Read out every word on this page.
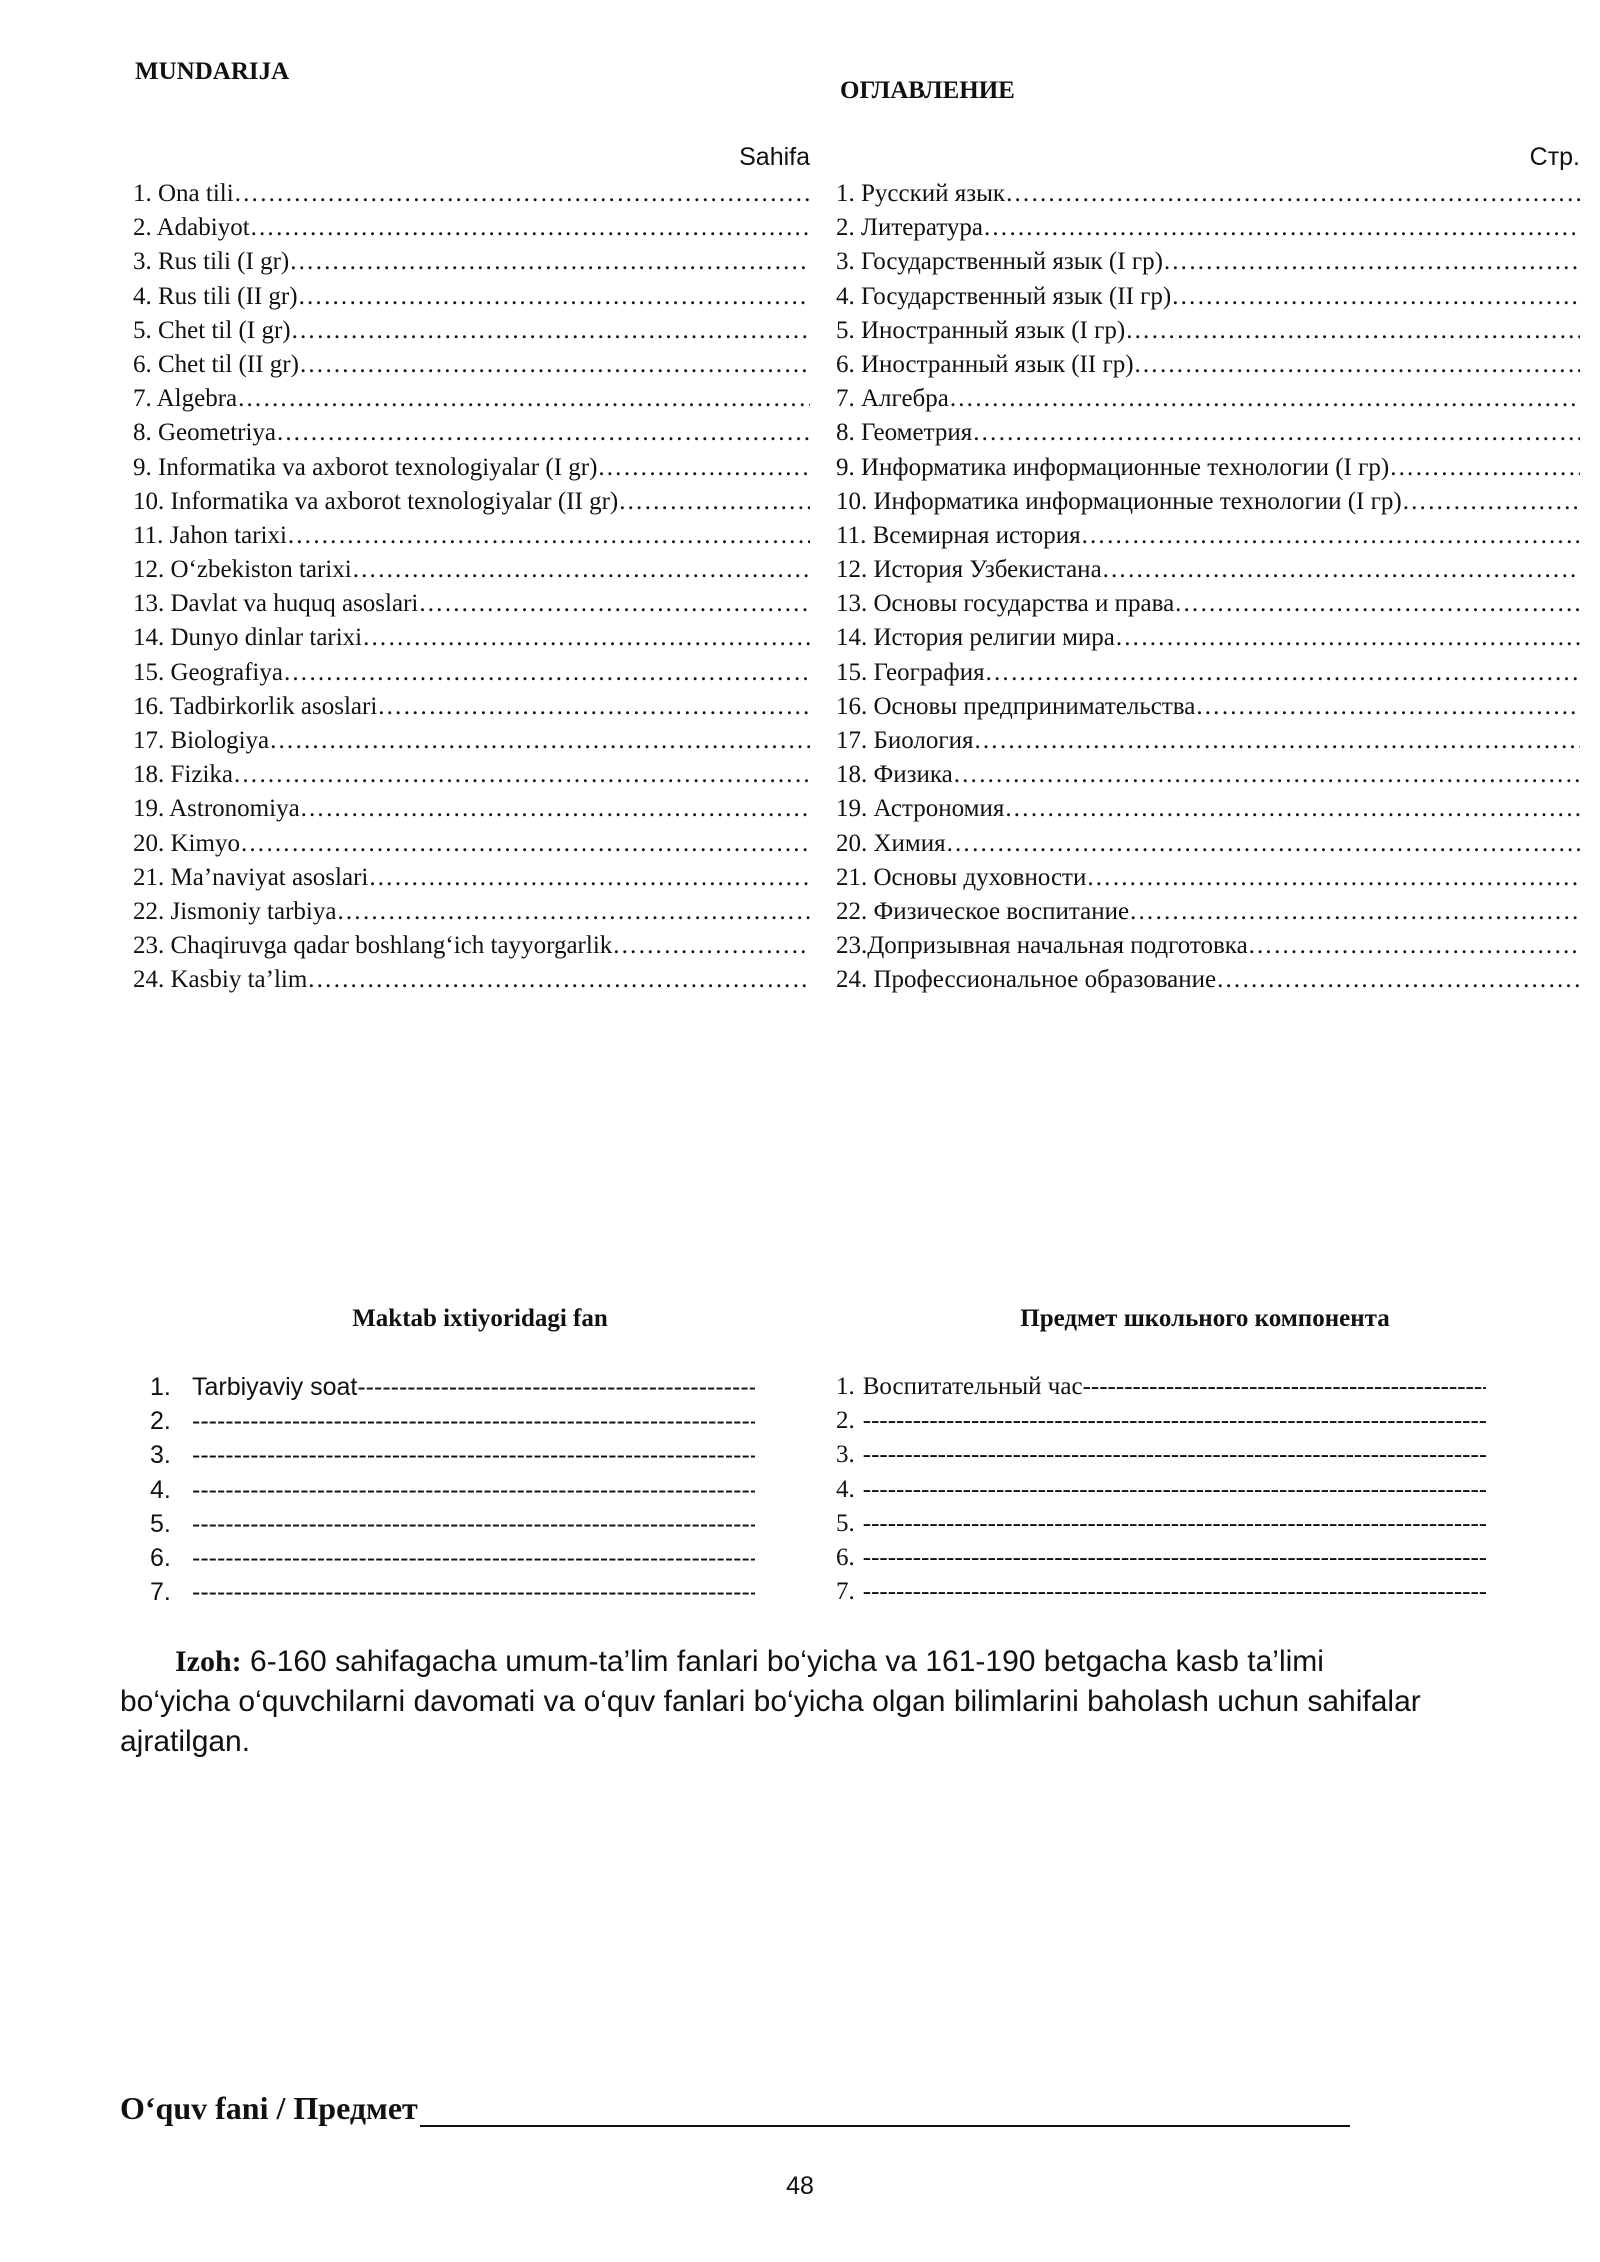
MUNDARIJA
ОГЛАВЛЕНИЕ
Sahifa
1. Ona tili
…………………………………………………………………………………………………………………………………………………………
2. Adabiyot
…………………………………………………………………………………………………………………………………………………………
3. Rus tili (I gr)
…………………………………………………………………………………………………………………………………………………………
4. Rus tili (II gr)
…………………………………………………………………………………………………………………………………………………………
5. Chet til (I gr)
…………………………………………………………………………………………………………………………………………………………
6. Chet til (II gr)
…………………………………………………………………………………………………………………………………………………………
7. Algebra
…………………………………………………………………………………………………………………………………………………………
8. Geometriya
…………………………………………………………………………………………………………………………………………………………
9. Informatika va axborot texnologiyalar (I gr)
…………………………………………………………………………………………………………………………………………………………
10. Informatika va axborot texnologiyalar (II gr)
…………………………………………………………………………………………………………………………………………………………
11. Jahon tarixi
…………………………………………………………………………………………………………………………………………………………
12. O‘zbekiston tarixi
…………………………………………………………………………………………………………………………………………………………
13. Davlat va huquq asoslari
…………………………………………………………………………………………………………………………………………………………
14. Dunyo dinlar tarixi
…………………………………………………………………………………………………………………………………………………………
15. Geografiya
…………………………………………………………………………………………………………………………………………………………
16. Tadbirkorlik asoslari
…………………………………………………………………………………………………………………………………………………………
17. Biologiya
…………………………………………………………………………………………………………………………………………………………
18. Fizika
…………………………………………………………………………………………………………………………………………………………
19. Astronomiya
…………………………………………………………………………………………………………………………………………………………
20. Kimyo
…………………………………………………………………………………………………………………………………………………………
21. Ma’naviyat asoslari
…………………………………………………………………………………………………………………………………………………………
22. Jismoniy tarbiya
…………………………………………………………………………………………………………………………………………………………
23. Chaqiruvga qadar boshlang‘ich tayyorgarlik
…………………………………………………………………………………………………………………………………………………………
24. Kasbiy ta’lim
…………………………………………………………………………………………………………………………………………………………
Стр.
1. Русский язык
…………………………………………………………………………………………………………………………………………………………
2. Литература
…………………………………………………………………………………………………………………………………………………………
3. Государственный язык (I гр)
…………………………………………………………………………………………………………………………………………………………
4. Государственный язык (II гр)
…………………………………………………………………………………………………………………………………………………………
5. Иностранный язык (I гр)
…………………………………………………………………………………………………………………………………………………………
6. Иностранный язык (II гр)
…………………………………………………………………………………………………………………………………………………………
7. Алгебра
…………………………………………………………………………………………………………………………………………………………
8. Геометрия
…………………………………………………………………………………………………………………………………………………………
9. Информатика информационные технологии (I гр)
…………………………………………………………………………………………………………………………………………………………
10. Информатика информационные технологии (I гр)
…………………………………………………………………………………………………………………………………………………………
11. Всемирная история
…………………………………………………………………………………………………………………………………………………………
12. История Узбекистана
…………………………………………………………………………………………………………………………………………………………
13. Основы государства и права
…………………………………………………………………………………………………………………………………………………………
14. История религии мира
…………………………………………………………………………………………………………………………………………………………
15. География
…………………………………………………………………………………………………………………………………………………………
16. Основы предпринимательства
…………………………………………………………………………………………………………………………………………………………
17. Биология
…………………………………………………………………………………………………………………………………………………………
18. Физика
…………………………………………………………………………………………………………………………………………………………
19. Астрономия
…………………………………………………………………………………………………………………………………………………………
20. Химия
…………………………………………………………………………………………………………………………………………………………
21. Основы духовности
…………………………………………………………………………………………………………………………………………………………
22. Физическое воспитание
…………………………………………………………………………………………………………………………………………………………
23.Допризывная начальная подготовка
…………………………………………………………………………………………………………………………………………………………
24. Профессиональное образование
…………………………………………………………………………………………………………………………………………………………
Maktab ixtiyoridagi fan	Предмет школьного компонента
1. Tarbiyaviy soat
-----
2.
-----
3.
-----
4.
-----
5.
-----
6.
-----
7.
-----
1. Воспитательный час
-----
2.
-----
3.
-----
4.
-----
5.
-----
6.
-----
7.
-----
Izoh: 6-160 sahifagacha umum-ta’lim fanlari bo‘yicha va 161-190 betgacha kasb ta’limi bo‘yicha o‘quvchilarni davomati va o‘quv fanlari bo‘yicha olgan bilimlarini baholash uchun sahifalar ajratilgan.
O‘quv fani / Предмет
48
